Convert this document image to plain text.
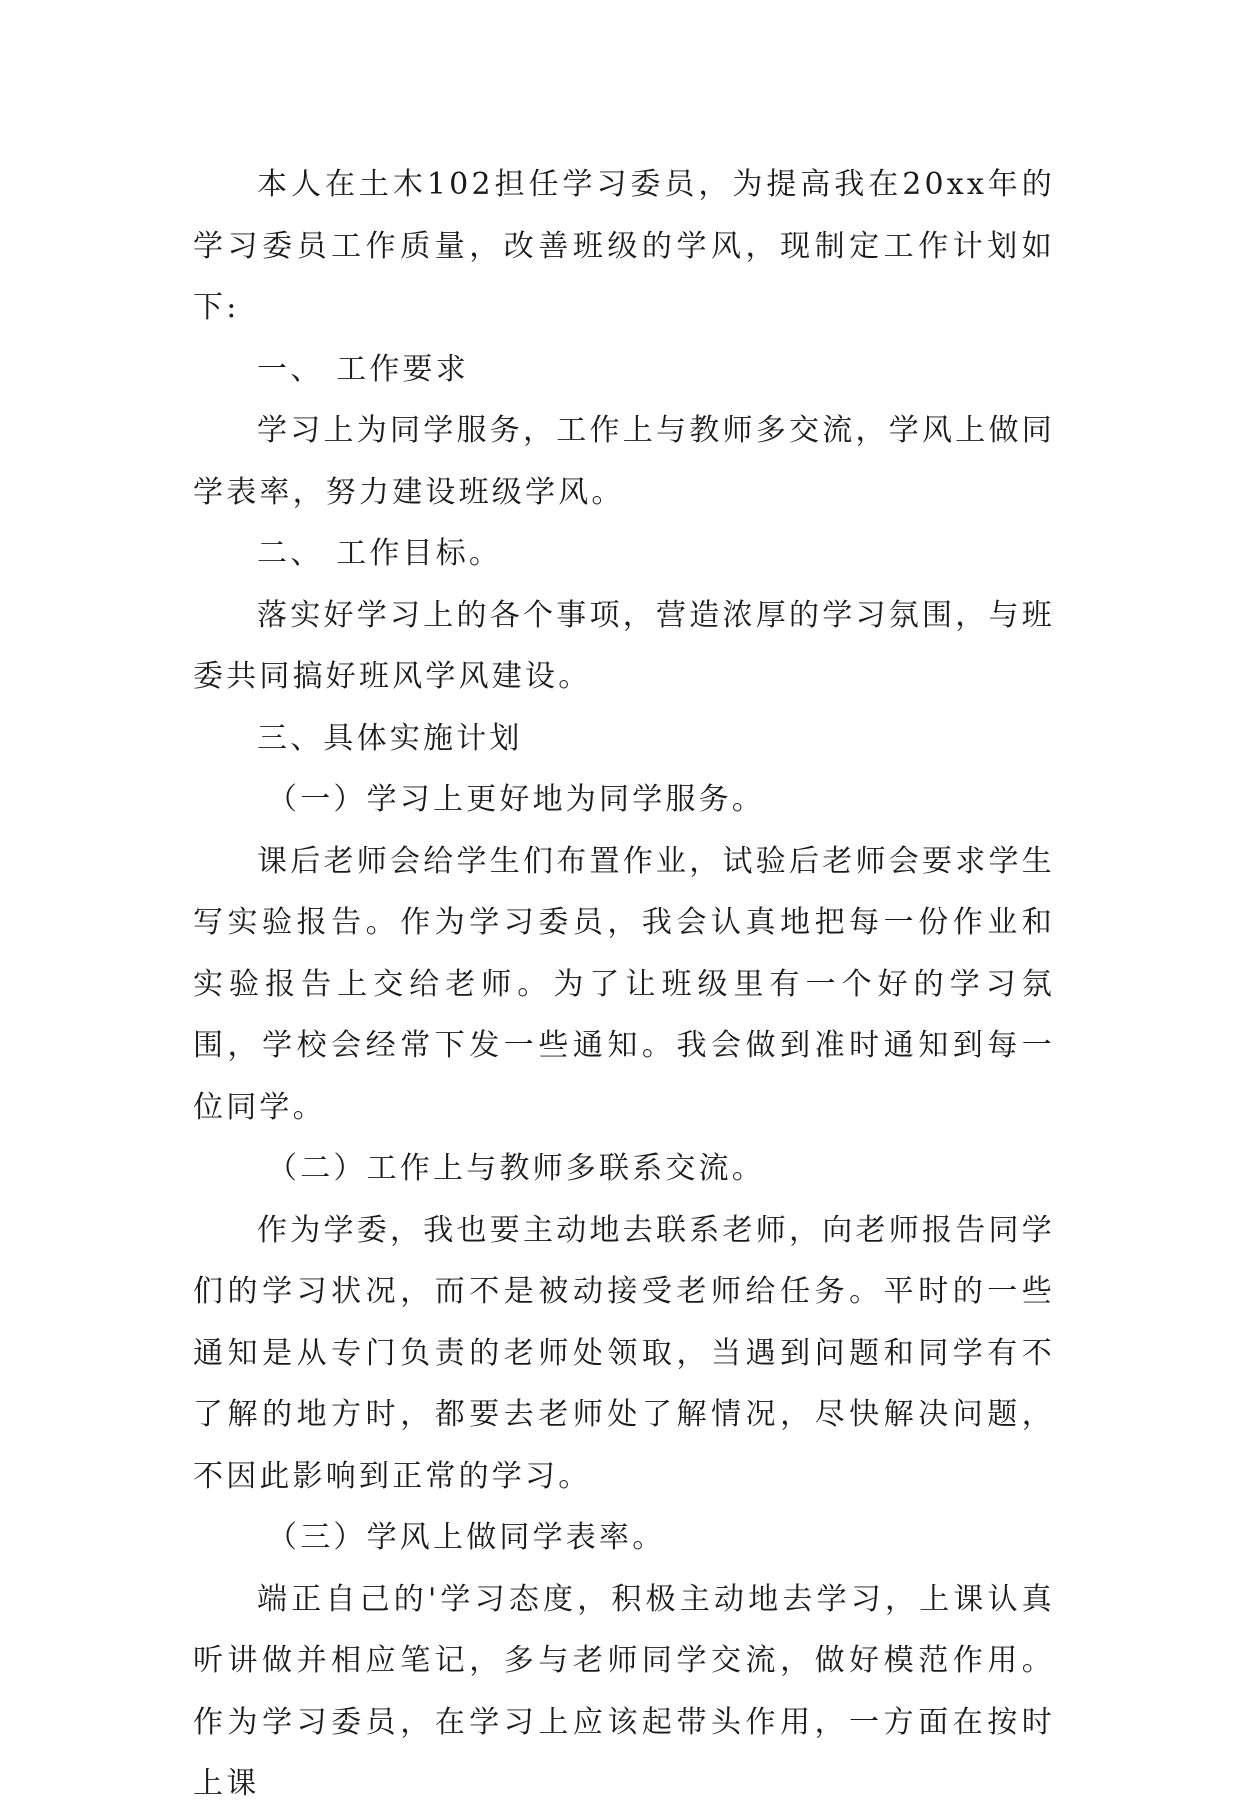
本人在土木102担任学习委员，为提高我在20xx年的学习委员工作质量，改善班级的学风，现制定工作计划如下:

一、 工作要求

学习上为同学服务，工作上与教师多交流，学风上做同学表率，努力建设班级学风。

二、 工作目标。

落实好学习上的各个事项，营造浓厚的学习氛围，与班委共同搞好班风学风建设。

三、具体实施计划

（一）学习上更好地为同学服务。

课后老师会给学生们布置作业，试验后老师会要求学生写实验报告。作为学习委员，我会认真地把每一份作业和实验报告上交给老师。为了让班级里有一个好的学习氛围，学校会经常下发一些通知。我会做到准时通知到每一位同学。

（二）工作上与教师多联系交流。

作为学委，我也要主动地去联系老师，向老师报告同学们的学习状况，而不是被动接受老师给任务。平时的一些通知是从专门负责的老师处领取，当遇到问题和同学有不了解的地方时，都要去老师处了解情况，尽快解决问题，不因此影响到正常的学习。

（三）学风上做同学表率。

端正自己的'学习态度，积极主动地去学习，上课认真听讲做并相应笔记，多与老师同学交流，做好模范作用。作为学习委员，在学习上应该起带头作用，一方面在按时上课
